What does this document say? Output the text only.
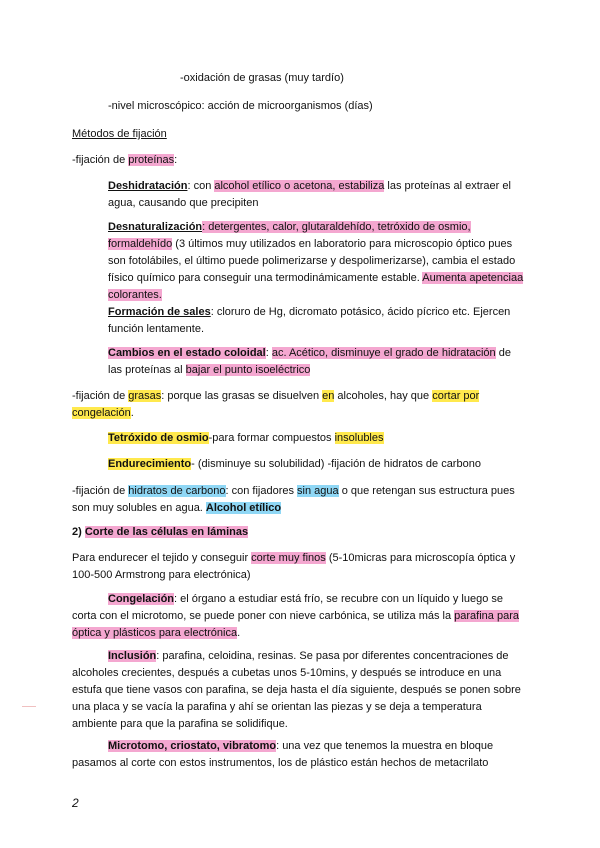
-oxidación de grasas (muy tardío)
-nivel microscópico: acción de microorganismos (días)
Métodos de fijación
-fijación de proteínas:
Deshidratación: con alcohol etílico o acetona, estabiliza las proteínas al extraer el agua, causando que precipiten
Desnaturalización: detergentes, calor, glutaraldehído, tetróxido de osmio, formaldehído (3 últimos muy utilizados en laboratorio para microscopio óptico pues son fotolábiles, el último puede polimerizarse y despolimerizarse), cambia el estado físico químico para conseguir una termodinámicamente estable. Aumenta apetenciaa colorantes.
Formación de sales: cloruro de Hg, dicromato potásico, ácido pícrico etc. Ejercen función lentamente.
Cambios en el estado coloidal: ac. Acético, disminuye el grado de hidratación de las proteínas al bajar el punto isoeléctrico
-fijación de grasas: porque las grasas se disuelven en alcoholes, hay que cortar por congelación.
Tetróxido de osmio-para formar compuestos insolubles
Endurecimiento- (disminuye su solubilidad) -fijación de hidratos de carbono
-fijación de hidratos de carbono: con fijadores sin agua o que retengan sus estructura pues son muy solubles en agua. Alcohol etílico
2) Corte de las células en láminas
Para endurecer el tejido y conseguir corte muy finos (5-10micras para microscopía óptica y 100-500 Armstrong para electrónica)
Congelación: el órgano a estudiar está frío, se recubre con un líquido y luego se corta con el microtomo, se puede poner con nieve carbónica, se utiliza más la parafina para óptica y plásticos para electrónica.
Inclusión: parafina, celoidina, resinas. Se pasa por diferentes concentraciones de alcoholes crecientes, después a cubetas unos 5-10mins, y después se introduce en una estufa que tiene vasos con parafina, se deja hasta el día siguiente, después se ponen sobre una placa y se vacía la parafina y ahí se orientan las piezas y se deja a temperatura ambiente para que la parafina se solidifique.
Microtomo, criostato, vibratomo: una vez que tenemos la muestra en bloque pasamos al corte con estos instrumentos, los de plástico están hechos de metacrilato
2
